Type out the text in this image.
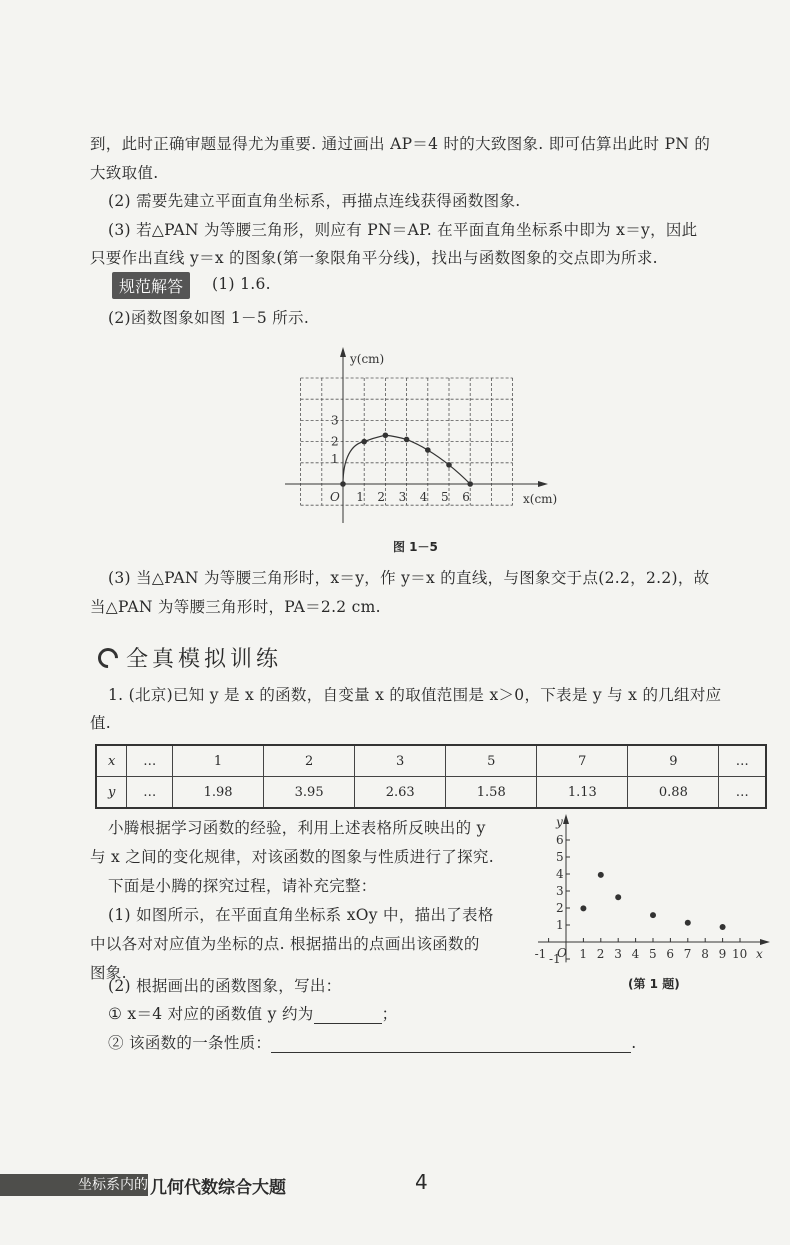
到，此时正确审题显得尤为重要. 通过画出 AP＝4 时的大致图象. 即可估算出此时 PN 的
大致取值.
(2) 需要先建立平面直角坐标系，再描点连线获得函数图象.
(3) 若△PAN 为等腰三角形，则应有 PN＝AP. 在平面直角坐标系中即为 x＝y，因此
只要作出直线 y＝x 的图象(第一象限角平分线)，找出与函数图象的交点即为所求.
规范解答	(1) 1.6.
(2)函数图象如图 1－5 所示.
y(cm)
x(cm)
O 1 2 3 4 5 6
1
2
3
图 1－5
(3) 当△PAN 为等腰三角形时，x＝y，作 y＝x 的直线，与图象交于点(2.2，2.2)，故
当△PAN 为等腰三角形时，PA＝2.2 cm.
全真模拟训练
1. (北京)已知 y 是 x 的函数，自变量 x 的取值范围是 x＞0，下表是 y 与 x 的几组对应
值.
x	…	1	2	3	5	7	9	…
y	…	1.98	3.95	2.63	1.58	1.13	0.88	…
小腾根据学习函数的经验，利用上述表格所反映出的 y
与 x 之间的变化规律，对该函数的图象与性质进行了探究.
下面是小腾的探究过程，请补充完整：
(1) 如图所示，在平面直角坐标系 xOy 中，描出了表格
中以各对对应值为坐标的点. 根据描出的点画出该函数的
图象.
(2) 根据画出的函数图象，写出：
① x＝4 对应的函数值 y 约为	；
② 该函数的一条性质：	.
y
x
O
-1	1 2 3 4 5 6 7 8 9 10
-1
1
2
3
4
5
6
(第 1 题)
坐标系内的 几何代数综合大题	4
